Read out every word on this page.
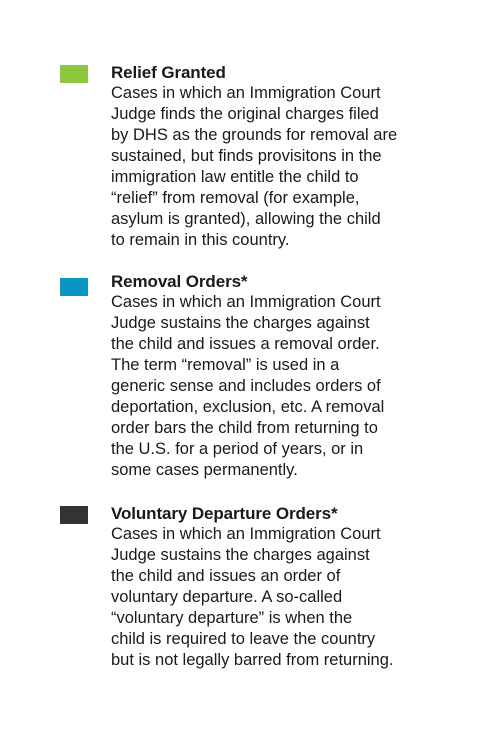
Relief Granted

Cases in which an Immigration Court
Judge finds the original charges filed
by DHS as the grounds for removal are
sustained, but finds provisitons in the
immigration law entitle the child to
“relief” from removal (for example,
asylum is granted), allowing the child
to remain in this country.

Removal Orders*

Cases in which an Immigration Court
Judge sustains the charges against
the child and issues a removal order.
The term “removal” is used in a
generic sense and includes orders of
deportation, exclusion, etc. A removal
order bars the child from returning to
the U.S. for a period of years, or in
some cases permanently.

Voluntary Departure Orders*

Cases in which an Immigration Court
Judge sustains the charges against
the child and issues an order of
voluntary departure. A so-called
“voluntary departure” is when the
child is required to leave the country
but is not legally barred from returning.
